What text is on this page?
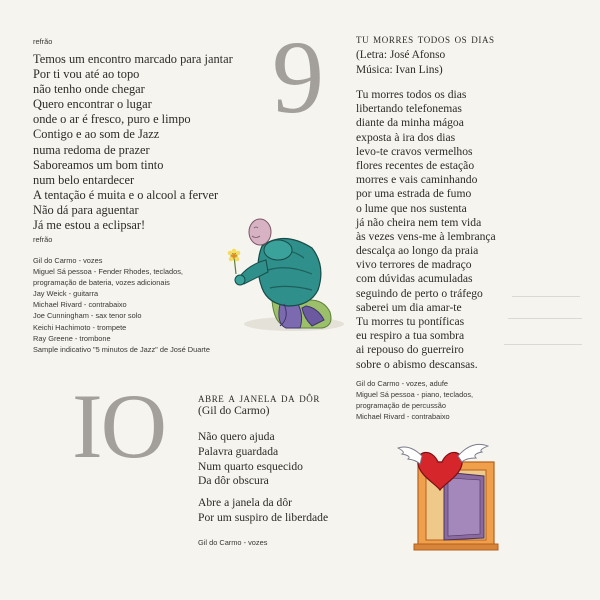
refrão
Temos um encontro marcado para jantar
Por ti vou até ao topo
não tenho onde chegar
Quero encontrar o lugar
onde o ar é fresco, puro e limpo
Contigo e ao som de Jazz
numa redoma de prazer
Saboreamos um bom tinto
num belo entardecer
A tentação é muita e o alcool a ferver
Não dá para aguentar
Já me estou a eclipsar!
refrão
Gil do Carmo - vozes
Miguel Sá pessoa - Fender Rhodes, teclados,
programação de bateria, vozes adicionais
Jay Weick - guitarra
Michael Rivard - contrabaixo
Joe Cunningham - sax tenor solo
Keichi Hachimoto - trompete
Ray Greene - trombone
Sample indicativo "5 minutos de Jazz" de José Duarte
9 tu morres todos os dias
(Letra: José Afonso
Música: Ivan Lins)
Tu morres todos os dias
libertando telefonemas
diante da minha mágoa
exposta à ira dos dias
levo-te cravos vermelhos
flores recentes de estação
morres e vais caminhando
por uma estrada de fumo
o lume que nos sustenta
já não cheira nem tem vida
às vezes vens-me à lembrança
descalça ao longo da praia
vivo terrores de madraço
com dúvidas acumuladas
seguindo de perto o tráfego
saberei um dia amar-te
Tu morres tu pontíficas
eu respiro a tua sombra
ai repouso do guerreiro
sobre o abismo descansas.
Gil do Carmo - vozes, adufe
Miguel Sá pessoa - piano, teclados,
programação de percussão
Michael Rivard - contrabaixo
IO abre a janela da dôr
(Gil do Carmo)
Não quero ajuda
Palavra guardada
Num quarto esquecido
Da dôr obscura
Abre a janela da dôr
Por um suspiro de liberdade
Gil do Carmo - vozes
